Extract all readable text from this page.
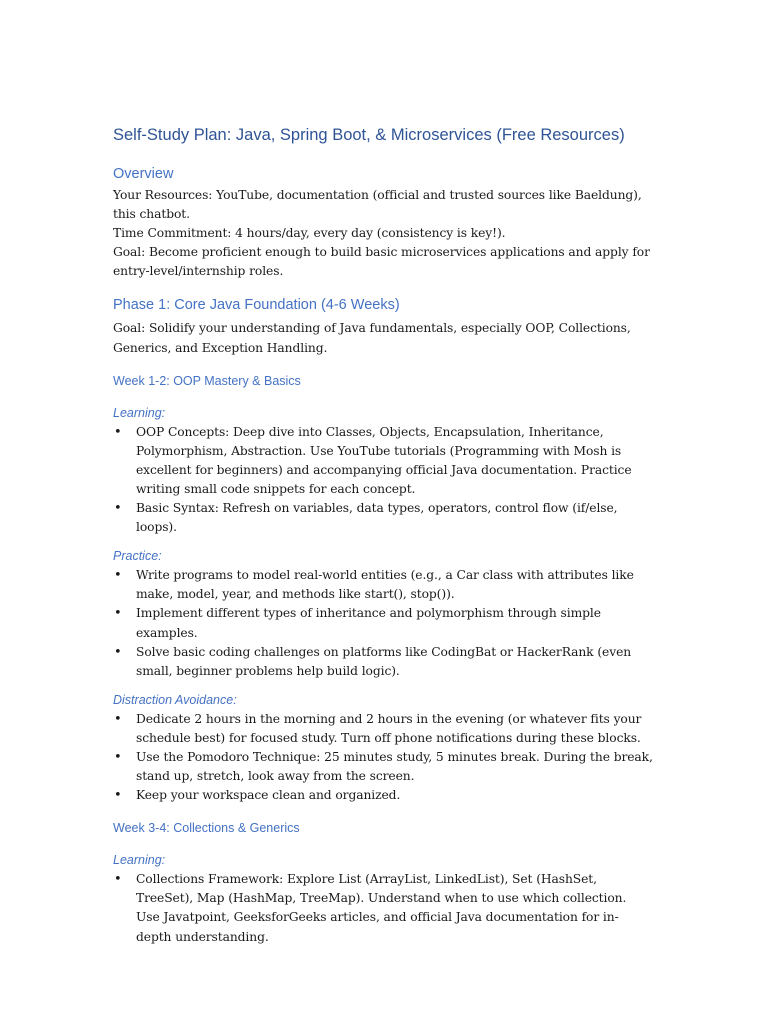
Self-Study Plan: Java, Spring Boot, & Microservices (Free Resources)
Overview

Your Resources: YouTube, documentation (official and trusted sources like Baeldung), this chatbot.

Time Commitment: 4 hours/day, every day (consistency is key!).

Goal: Become proficient enough to build basic microservices applications and apply for entry-level/internship roles.

Phase 1: Core Java Foundation (4-6 Weeks)

Goal: Solidify your understanding of Java fundamentals, especially OOP, Collections, Generics, and Exception Handling.

Week 1-2: OOP Mastery & Basics
Learning:
• OOP Concepts: Deep dive into Classes, Objects, Encapsulation, Inheritance, Polymorphism, Abstraction. Use YouTube tutorials (Programming with Mosh is excellent for beginners) and accompanying official Java documentation. Practice writing small code snippets for each concept.
• Basic Syntax: Refresh on variables, data types, operators, control flow (if/else, loops).
Practice:
• Write programs to model real-world entities (e.g., a Car class with attributes like make, model, year, and methods like start(), stop()).
• Implement different types of inheritance and polymorphism through simple examples.
• Solve basic coding challenges on platforms like CodingBat or HackerRank (even small, beginner problems help build logic).
Distraction Avoidance:
• Dedicate 2 hours in the morning and 2 hours in the evening (or whatever fits your schedule best) for focused study. Turn off phone notifications during these blocks.
• Use the Pomodoro Technique: 25 minutes study, 5 minutes break. During the break, stand up, stretch, look away from the screen.
• Keep your workspace clean and organized.
Week 3-4: Collections & Generics
Learning:
• Collections Framework: Explore List (ArrayList, LinkedList), Set (HashSet, TreeSet), Map (HashMap, TreeMap). Understand when to use which collection. Use Javatpoint, GeeksforGeeks articles, and official Java documentation for in-depth understanding.
